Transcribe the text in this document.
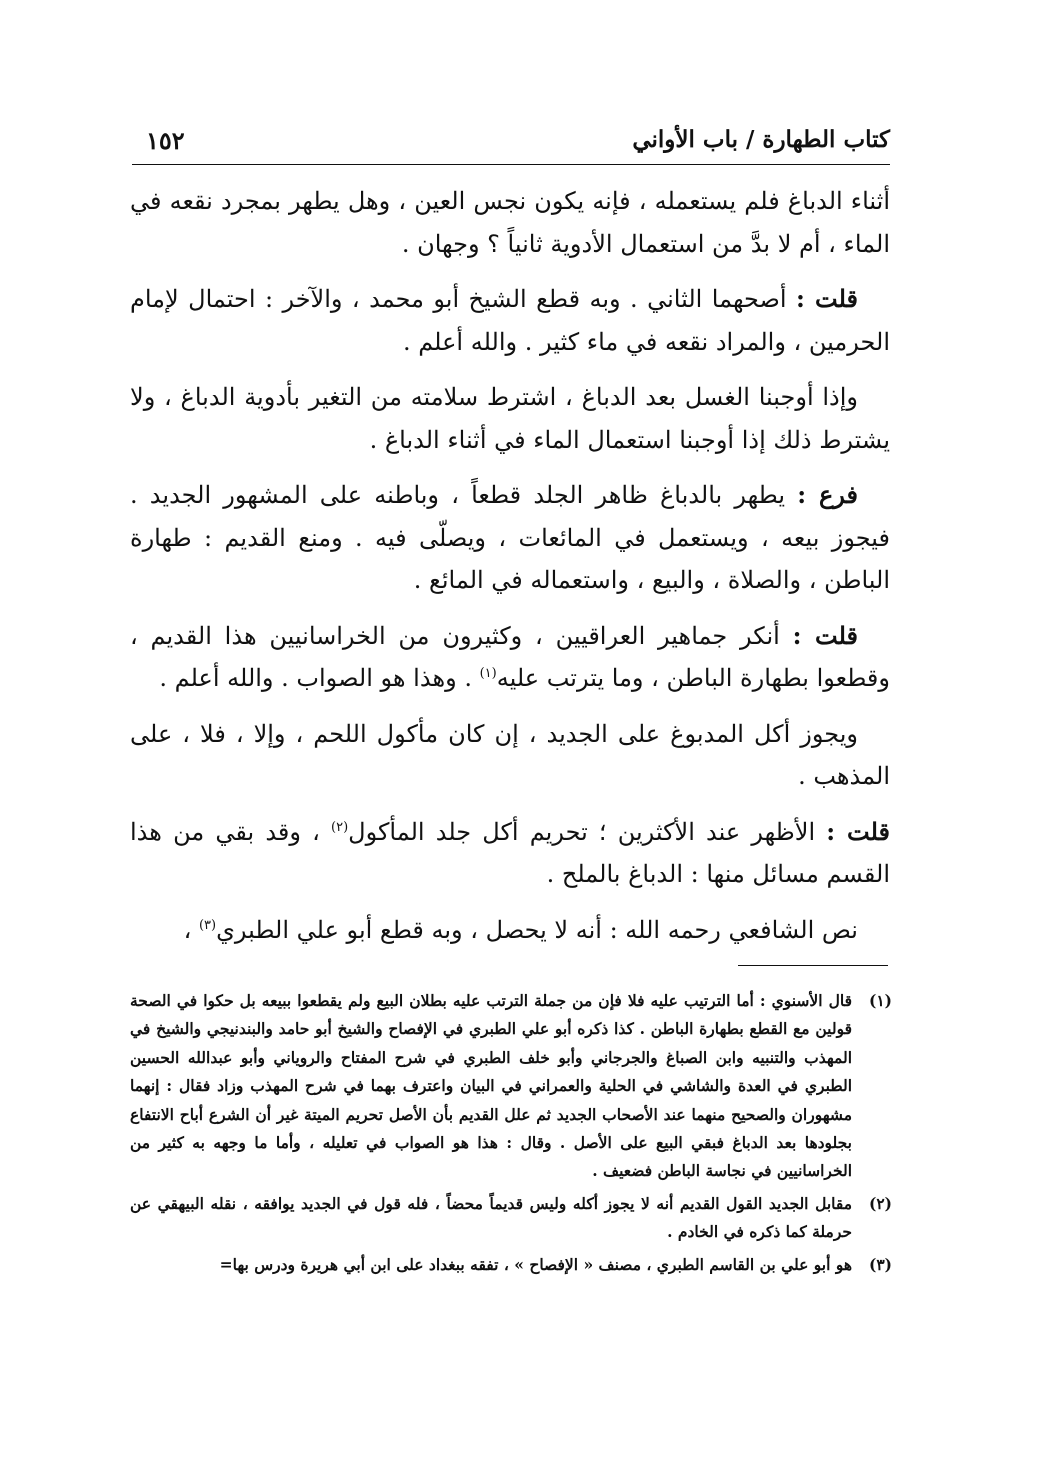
كتاب الطهارة / باب الأواني
١٥٢

أثناء الدباغ فلم يستعمله ، فإنه يكون نجس العين ، وهل يطهر بمجرد نقعه في الماء ، أم لا بدَّ من استعمال الأدوية ثانياً ؟ وجهان .

قلت : أصحهما الثاني . وبه قطع الشيخ أبو محمد ، والآخر : احتمال لإمام الحرمين ، والمراد نقعه في ماء كثير . والله أعلم .

وإذا أوجبنا الغسل بعد الدباغ ، اشترط سلامته من التغير بأدوية الدباغ ، ولا يشترط ذلك إذا أوجبنا استعمال الماء في أثناء الدباغ .

فرع : يطهر بالدباغ ظاهر الجلد قطعاً ، وباطنه على المشهور الجديد . فيجوز بيعه ، ويستعمل في المائعات ، ويصلّى فيه . ومنع القديم : طهارة الباطن ، والصلاة ، والبيع ، واستعماله في المائع .

قلت : أنكر جماهير العراقيين ، وكثيرون من الخراسانيين هذا القديم ، وقطعوا بطهارة الباطن ، وما يترتب عليه$^{(١)}$ . وهذا هو الصواب . والله أعلم .

ويجوز أكل المدبوغ على الجديد ، إن كان مأكول اللحم ، وإلا ، فلا ، على المذهب .

قلت : الأظهر عند الأكثرين ؛ تحريم أكل جلد المأكول$^{(٢)}$ ، وقد بقي من هذا القسم مسائل منها : الدباغ بالملح .

نص الشافعي رحمه الله : أنه لا يحصل ، وبه قطع أبو علي الطبري$^{(٣)}$ ،

(١)
قال الأسنوي : أما الترتيب عليه فلا فإن من جملة الترتب عليه بطلان البيع ولم يقطعوا ببيعه بل حكوا في الصحة قولين مع القطع بطهارة الباطن . كذا ذكره أبو علي الطبري في الإفصاح والشيخ أبو حامد والبندنيجي والشيخ في المهذب والتنبيه وابن الصباغ والجرجاني وأبو خلف الطبري في شرح المفتاح والروياني وأبو عبدالله الحسين الطبري في العدة والشاشي في الحلية والعمراني في البيان واعترف بهما في شرح المهذب وزاد فقال : إنهما مشهوران والصحيح منهما عند الأصحاب الجديد ثم علل القديم بأن الأصل تحريم الميتة غير أن الشرع أباح الانتفاع بجلودها بعد الدباغ فبقي البيع على الأصل . وقال : هذا هو الصواب في تعليله ، وأما ما وجهه به كثير من الخراسانيين في نجاسة الباطن فضعيف .
(٢)
مقابل الجديد القول القديم أنه لا يجوز أكله وليس قديماً محضاً ، فله قول في الجديد يوافقه ، نقله البيهقي عن حرملة كما ذكره في الخادم .
(٣)
هو أبو علي بن القاسم الطبري ، مصنف « الإفصاح » ، تفقه ببغداد على ابن أبي هريرة ودرس بها=
